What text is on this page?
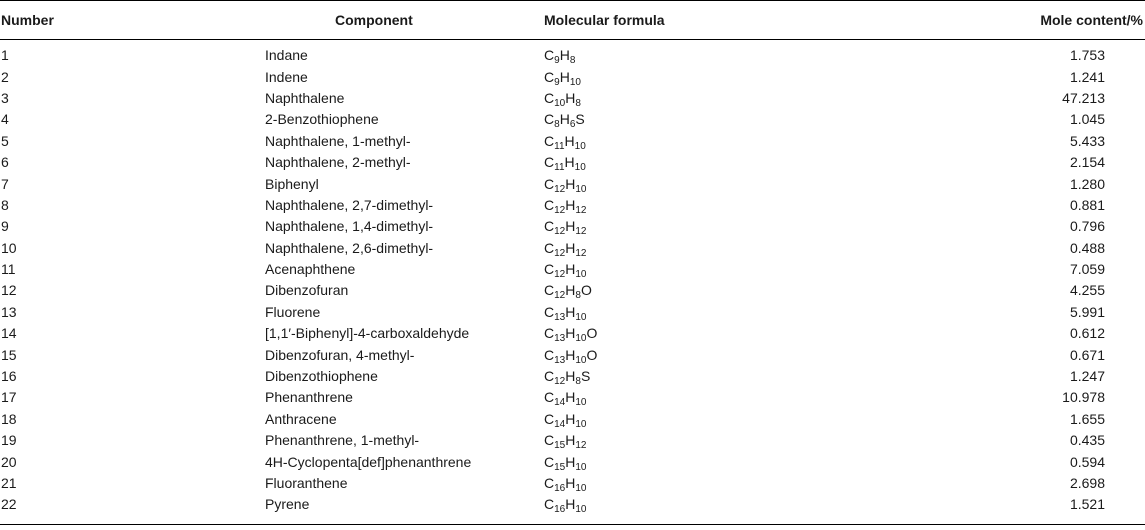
Number	Component	Molecular formula	Mole content/%
1	Indane	$C_9H_8$	1.753
2	Indene	$C_9H_{10}$	1.241
3	Naphthalene	$C_{10}H_8$	47.213
4	2-Benzothiophene	$C_8H_6S$	1.045
5	Naphthalene, 1-methyl-	$C_{11}H_{10}$	5.433
6	Naphthalene, 2-methyl-	$C_{11}H_{10}$	2.154
7	Biphenyl	$C_{12}H_{10}$	1.280
8	Naphthalene, 2,7-dimethyl-	$C_{12}H_{12}$	0.881
9	Naphthalene, 1,4-dimethyl-	$C_{12}H_{12}$	0.796
10	Naphthalene, 2,6-dimethyl-	$C_{12}H_{12}$	0.488
11	Acenaphthene	$C_{12}H_{10}$	7.059
12	Dibenzofuran	$C_{12}H_8O$	4.255
13	Fluorene	$C_{13}H_{10}$	5.991
14	[1,1′-Biphenyl]-4-carboxaldehyde	$C_{13}H_{10}O$	0.612
15	Dibenzofuran, 4-methyl-	$C_{13}H_{10}O$	0.671
16	Dibenzothiophene	$C_{12}H_8S$	1.247
17	Phenanthrene	$C_{14}H_{10}$	10.978
18	Anthracene	$C_{14}H_{10}$	1.655
19	Phenanthrene, 1-methyl-	$C_{15}H_{12}$	0.435
20	4H-Cyclopenta[def]phenanthrene	$C_{15}H_{10}$	0.594
21	Fluoranthene	$C_{16}H_{10}$	2.698
22	Pyrene	$C_{16}H_{10}$	1.521
